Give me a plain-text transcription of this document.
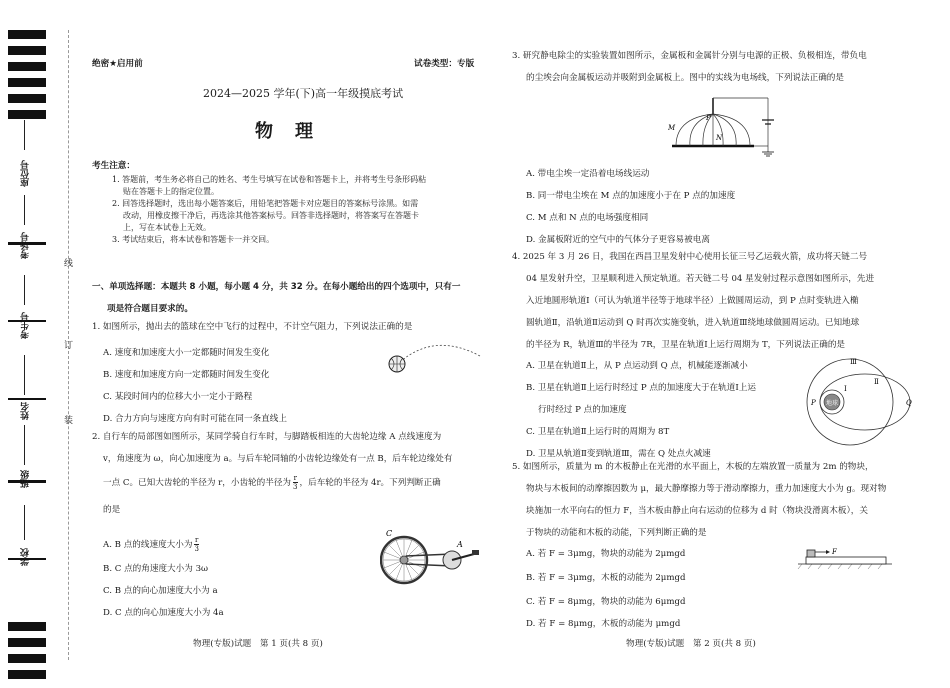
座位号
考场号
考生号
姓名
班级
学校
线
订
装
绝密★启用前	试卷类型：专版
2024—2025 学年(下)高一年级摸底考试
物　理
考生注意：
1. 答题前，考生务必将自己的姓名、考生号填写在试卷和答题卡上，并将考生号条形码粘
贴在答题卡上的指定位置。
2. 回答选择题时，选出每小题答案后，用铅笔把答题卡对应题目的答案标号涂黑。如需
改动，用橡皮擦干净后，再选涂其他答案标号。回答非选择题时，将答案写在答题卡
上，写在本试卷上无效。
3. 考试结束后，将本试卷和答题卡一并交回。
一、单项选择题：本题共 8 小题，每小题 4 分，共 32 分。在每小题给出的四个选项中，只有一
项是符合题目要求的。
1. 如图所示，抛出去的篮球在空中飞行的过程中，不计空气阻力，下列说法正确的是
A. 速度和加速度大小一定都随时间发生变化
B. 速度和加速度方向一定都随时间发生变化
C. 某段时间内的位移大小一定小于路程
D. 合力方向与速度方向有时可能在同一条直线上
2. 自行车的局部图如图所示，某同学骑自行车时，与脚踏板相连的大齿轮边缘 A 点线速度为
v，角速度为 ω，向心加速度为 a。与后车轮同轴的小齿轮边缘处有一点 B，后车轮边缘处有
一点 C。已知大齿轮的半径为 r，小齿轮的半径为 $\frac{r}{3}$ ，后车轮的半径为 4r。下列判断正确
的是
A. B 点的线速度大小为 $\frac{r}{3}$
B. C 点的角速度大小为 3ω
C. B 点的向心加速度大小为 a
D. C 点的向心加速度大小为 4a
C
A
物理(专版)试题　第 1 页(共 8 页)
3. 研究静电除尘的实验装置如图所示，金属板和金属针分别与电源的正极、负极相连，带负电
的尘埃会向金属板运动并吸附到金属板上。图中的实线为电场线，下列说法正确的是
M
P
N
A. 带电尘埃一定沿着电场线运动
B. 同一带电尘埃在 M 点的加速度小于在 P 点的加速度
C. M 点和 N 点的电场强度相同
D. 金属板附近的空气中的气体分子更容易被电离
4. 2025 年 3 月 26 日，我国在西昌卫星发射中心使用长征三号乙运载火箭，成功将天链二号
04 星发射升空，卫星顺利进入预定轨道。若天链二号 04 星发射过程示意图如图所示，先进
入近地圆形轨道Ⅰ（可认为轨道半径等于地球半径）上做圆周运动，到 P 点时变轨进入椭
圆轨道Ⅱ，沿轨道Ⅱ运动到 Q 时再次实施变轨，进入轨道Ⅲ绕地球做圆周运动。已知地球
的半径为 R，轨道Ⅲ的半径为 7R，卫星在轨道Ⅰ上运行周期为 T，下列说法正确的是
A. 卫星在轨道Ⅱ上，从 P 点运动到 Q 点，机械能逐渐减小
B. 卫星在轨道Ⅱ上运行时经过 P 点的加速度大于在轨道Ⅰ上运
行时经过 P 点的加速度
C. 卫星在轨道Ⅱ上运行时的周期为 8T
D. 卫星从轨道Ⅱ变到轨道Ⅲ，需在 Q 处点火减速
地球
Ⅲ
Ⅱ
Ⅰ
P	Q
5. 如图所示，质量为 m 的木板静止在光滑的水平面上，木板的左端放置一质量为 2m 的物块，
物块与木板间的动摩擦因数为 μ，最大静摩擦力等于滑动摩擦力，重力加速度大小为 g。现对物
块施加一水平向右的恒力 F，当木板由静止向右运动的位移为 d 时（物块没滑离木板），关
于物块的动能和木板的动能，下列判断正确的是
A. 若 F = 3μmg，物块的动能为 2μmgd
B. 若 F = 3μmg，木板的动能为 2μmgd
C. 若 F = 8μmg，物块的动能为 6μmgd
D. 若 F = 8μmg，木板的动能为 μmgd
F
物理(专版)试题　第 2 页(共 8 页)
